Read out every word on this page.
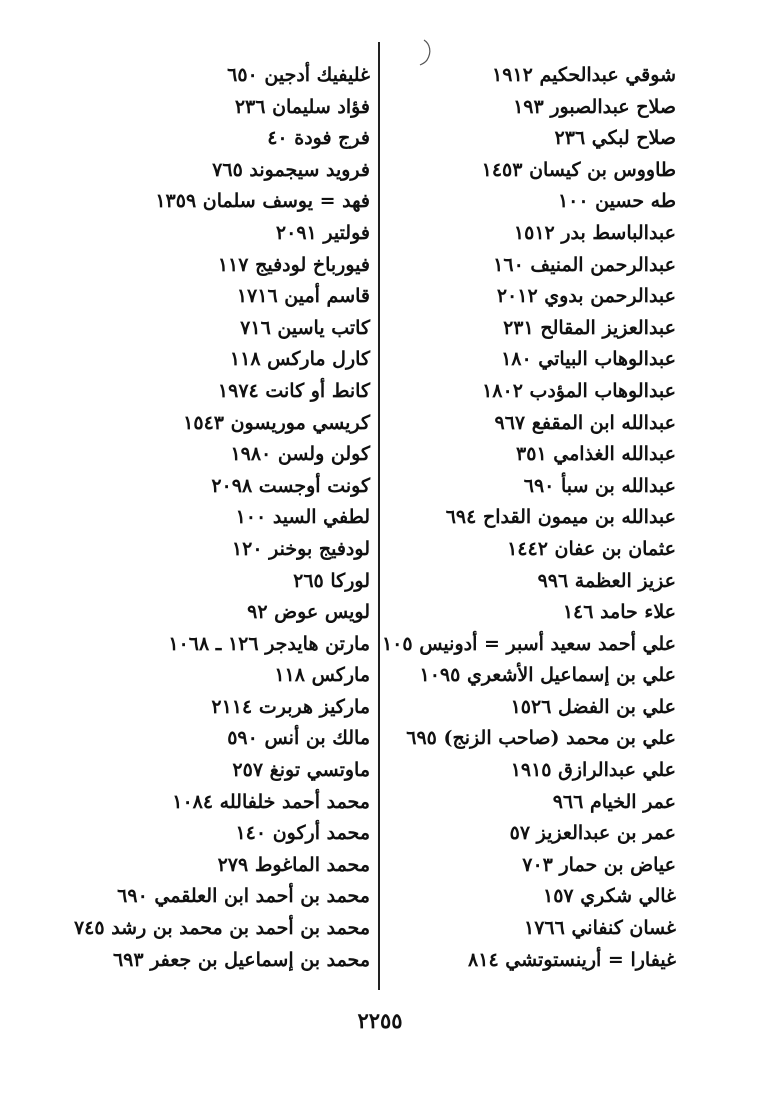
شوقي عبدالحكيم ١٩١٢
صلاح عبدالصبور ١٩٣
صلاح لبكي ٢٣٦
طاووس بن كيسان ١٤٥٣
طه حسين ١٠٠
عبدالباسط بدر ١٥١٢
عبدالرحمن المنيف ١٦٠
عبدالرحمن بدوي ٢٠١٢
عبدالعزيز المقالح ٢٣١
عبدالوهاب البياتي ١٨٠
عبدالوهاب المؤدب ١٨٠٢
عبدالله ابن المقفع ٩٦٧
عبدالله الغذامي ٣٥١
عبدالله بن سبأ ٦٩٠
عبدالله بن ميمون القداح ٦٩٤
عثمان بن عفان ١٤٤٢
عزيز العظمة ٩٩٦
علاء حامد ١٤٦
علي أحمد سعيد أسبر = أدونيس ١٠٥
علي بن إسماعيل الأشعري ١٠٩٥
علي بن الفضل ١٥٢٦
علي بن محمد (صاحب الزنج) ٦٩٥
علي عبدالرازق ١٩١٥
عمر الخيام ٩٦٦
عمر بن عبدالعزيز ٥٧
عياض بن حمار ٧٠٣
غالي شكري ١٥٧
غسان كنفاني ١٧٦٦
غيفارا = أرينستوتشي ٨١٤
غليفيك أدجين ٦٥٠
فؤاد سليمان ٢٣٦
فرج فودة ٤٠
فرويد سيجموند ٧٦٥
فهد = يوسف سلمان ١٣٥٩
فولتير ٢٠٩١
فيورباخ لودفيج ١١٧
قاسم أمين ١٧١٦
كاتب ياسين ٧١٦
كارل ماركس ١١٨
كانط أو كانت ١٩٧٤
كريسي موريسون ١٥٤٣
كولن ولسن ١٩٨٠
كونت أوجست ٢٠٩٨
لطفي السيد ١٠٠
لودفيج بوخنر ١٢٠
لوركا ٢٦٥
لويس عوض ٩٢
مارتن هايدجر ١٢٦ ـ ١٠٦٨
ماركس ١١٨
ماركيز هربرت ٢١١٤
مالك بن أنس ٥٩٠
ماوتسي تونغ ٢٥٧
محمد أحمد خلفالله ١٠٨٤
محمد أركون ١٤٠
محمد الماغوط ٢٧٩
محمد بن أحمد ابن العلقمي ٦٩٠
محمد بن أحمد بن محمد بن رشد ٧٤٥
محمد بن إسماعيل بن جعفر ٦٩٣
٢٢٥٥
